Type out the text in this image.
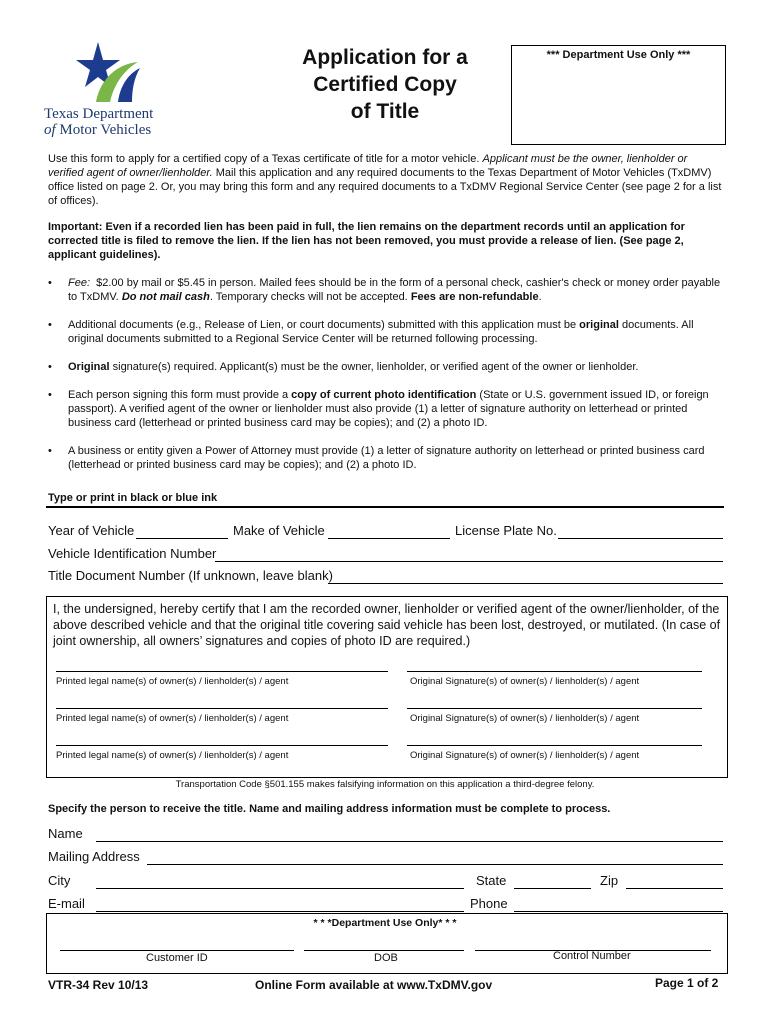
Texas Department
of Motor Vehicles
Application for a
Certified Copy
of Title
*** Department Use Only ***

Use this form to apply for a certified copy of a Texas certificate of title for a motor vehicle. Applicant must be the owner, lienholder or verified agent of owner/lienholder. Mail this application and any required documents to the Texas Department of Motor Vehicles (TxDMV) office listed on page 2. Or, you may bring this form and any required documents to a TxDMV Regional Service Center (see page 2 for a list of offices).

Important: Even if a recorded lien has been paid in full, the lien remains on the department records until an application for corrected title is filed to remove the lien. If the lien has not been removed, you must provide a release of lien. (See page 2, applicant guidelines).

• Fee: $2.00 by mail or $5.45 in person. Mailed fees should be in the form of a personal check, cashier's check or money order payable to TxDMV. Do not mail cash. Temporary checks will not be accepted. Fees are non-refundable.
• Additional documents (e.g., Release of Lien, or court documents) submitted with this application must be original documents. All original documents submitted to a Regional Service Center will be returned following processing.
• Original signature(s) required. Applicant(s) must be the owner, lienholder, or verified agent of the owner or lienholder.
• Each person signing this form must provide a copy of current photo identification (State or U.S. government issued ID, or foreign passport). A verified agent of the owner or lienholder must also provide (1) a letter of signature authority on letterhead or printed business card (letterhead or printed business card may be copies); and (2) a photo ID.
• A business or entity given a Power of Attorney must provide (1) a letter of signature authority on letterhead or printed business card (letterhead or printed business card may be copies); and (2) a photo ID.
Type or print in black or blue ink
Year of Vehicle	Make of Vehicle	License Plate No.
Vehicle Identification Number
Title Document Number (If unknown, leave blank)

I, the undersigned, hereby certify that I am the recorded owner, lienholder or verified agent of the owner/lienholder, of the above described vehicle and that the original title covering said vehicle has been lost, destroyed, or mutilated. (In case of joint ownership, all owners’ signatures and copies of photo ID are required.)

Printed legal name(s) of owner(s) / lienholder(s) / agent	Original Signature(s) of owner(s) / lienholder(s) / agent
Printed legal name(s) of owner(s) / lienholder(s) / agent	Original Signature(s) of owner(s) / lienholder(s) / agent
Printed legal name(s) of owner(s) / lienholder(s) / agent	Original Signature(s) of owner(s) / lienholder(s) / agent
Transportation Code §501.155 makes falsifying information on this application a third-degree felony.
Specify the person to receive the title. Name and mailing address information must be complete to process.
Name
Mailing Address
City	State	Zip
E-mail	Phone
* * *Department Use Only* * *
Customer ID	DOB	Control Number
VTR-34 Rev 10/13	Online Form available at www.TxDMV.gov	Page 1 of 2
